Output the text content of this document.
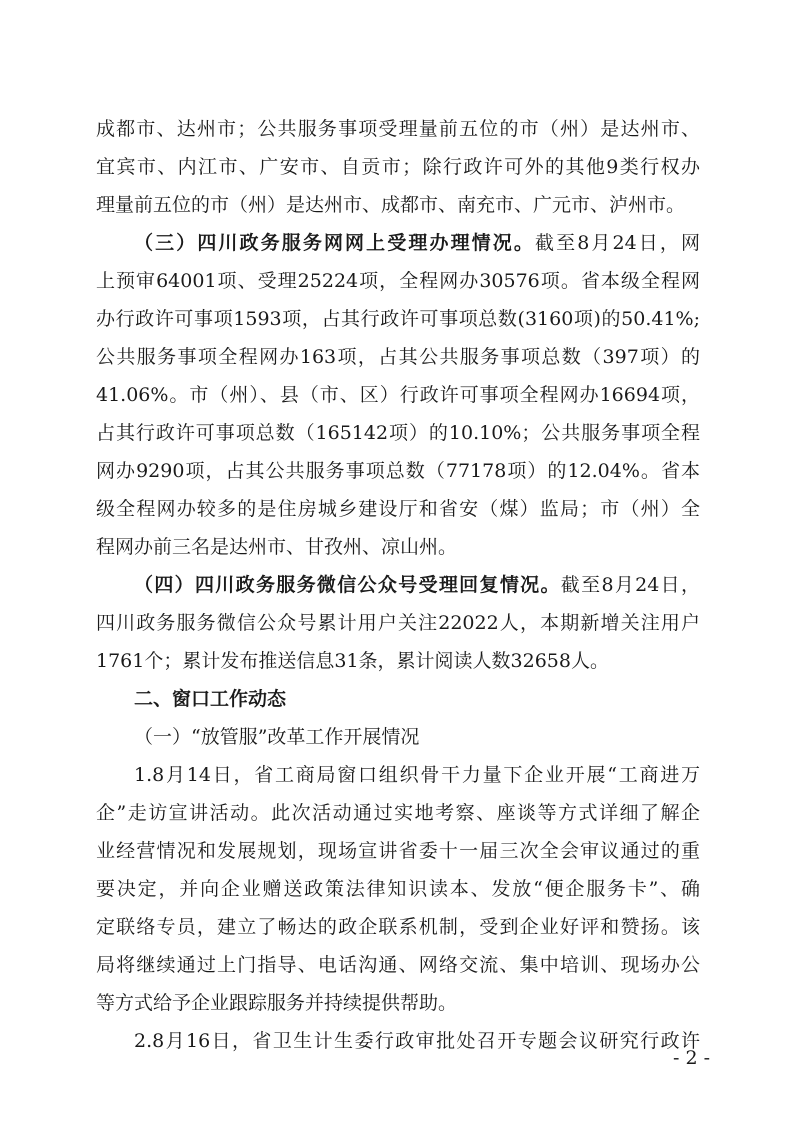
成都市、达州市；公共服务事项受理量前五位的市（州）是达州市、
宜宾市、内江市、广安市、自贡市；除行政许可外的其他9类行权办
理量前五位的市（州）是达州市、成都市、南充市、广元市、泸州市。
（三）四川政务服务网网上受理办理情况。截至8月24日，网
上预审64001项、受理25224项，全程网办30576项。省本级全程网
办行政许可事项1593项，占其行政许可事项总数(3160项)的50.41%;
公共服务事项全程网办163项，占其公共服务事项总数（397项）的
41.06%。市（州）、县（市、区）行政许可事项全程网办16694项，
占其行政许可事项总数（165142项）的10.10%；公共服务事项全程
网办9290项，占其公共服务事项总数（77178项）的12.04%。省本
级全程网办较多的是住房城乡建设厅和省安（煤）监局；市（州）全
程网办前三名是达州市、甘孜州、凉山州。
（四）四川政务服务微信公众号受理回复情况。截至8月24日，
四川政务服务微信公众号累计用户关注22022人，本期新增关注用户
1761个；累计发布推送信息31条，累计阅读人数32658人。
二、窗口工作动态
（一）“放管服”改革工作开展情况
1.8月14日，省工商局窗口组织骨干力量下企业开展“工商进万
企”走访宣讲活动。此次活动通过实地考察、座谈等方式详细了解企
业经营情况和发展规划，现场宣讲省委十一届三次全会审议通过的重
要决定，并向企业赠送政策法律知识读本、发放“便企服务卡”、确
定联络专员，建立了畅达的政企联系机制，受到企业好评和赞扬。该
局将继续通过上门指导、电话沟通、网络交流、集中培训、现场办公
等方式给予企业跟踪服务并持续提供帮助。
2.8月16日，省卫生计生委行政审批处召开专题会议研究行政许
- 2 -
